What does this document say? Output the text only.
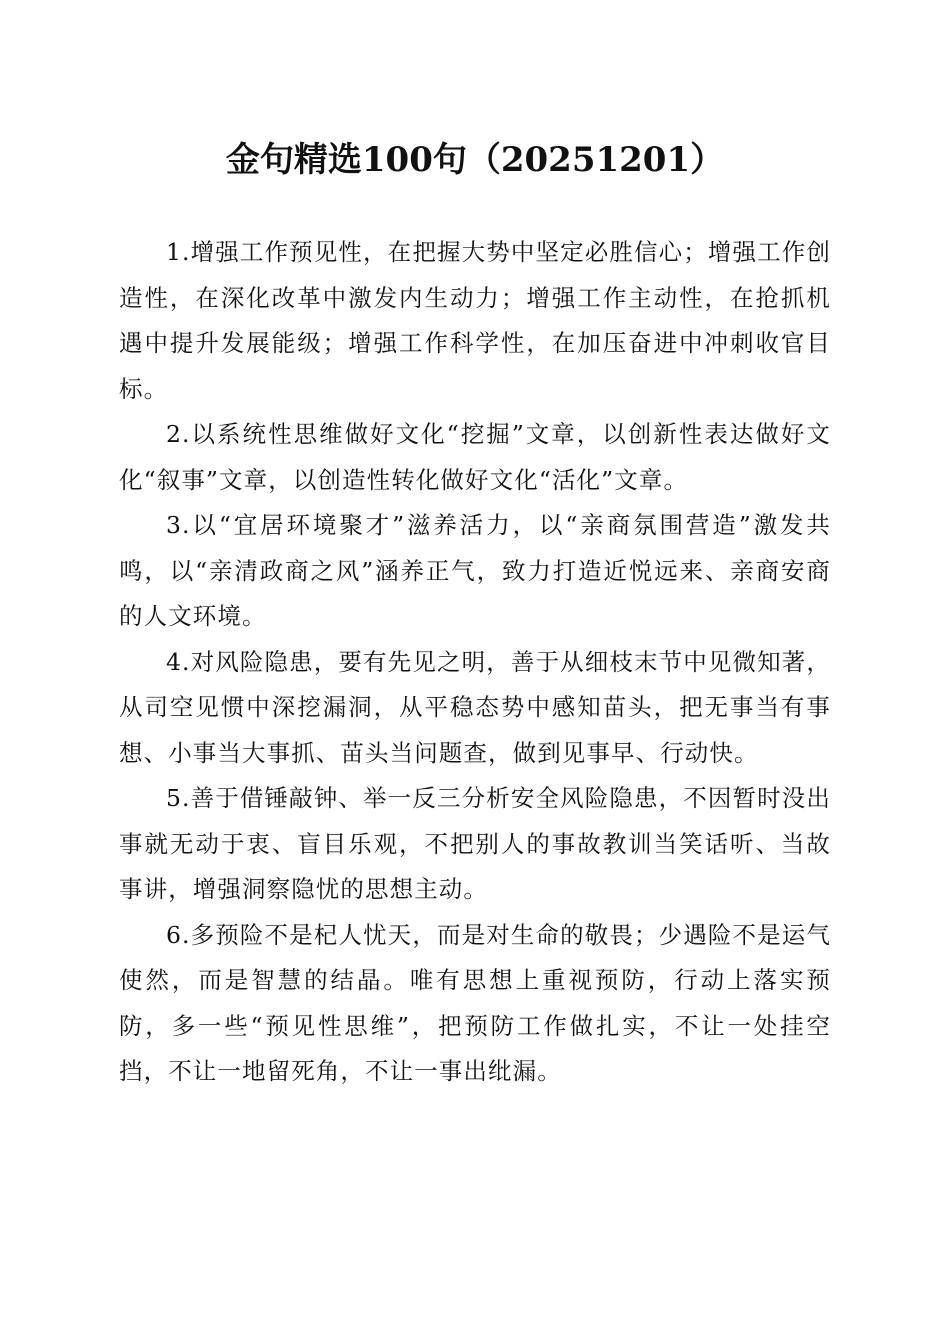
金句精选100句（20251201）

1.增强工作预见性，在把握大势中坚定必胜信心；增强工作创造性，在深化改革中激发内生动力；增强工作主动性，在抢抓机遇中提升发展能级；增强工作科学性，在加压奋进中冲刺收官目标。

2.以系统性思维做好文化“挖掘”文章，以创新性表达做好文化“叙事”文章，以创造性转化做好文化“活化”文章。

3.以“宜居环境聚才”滋养活力，以“亲商氛围营造”激发共鸣，以“亲清政商之风”涵养正气，致力打造近悦远来、亲商安商的人文环境。

4.对风险隐患，要有先见之明，善于从细枝末节中见微知著，从司空见惯中深挖漏洞，从平稳态势中感知苗头，把无事当有事想、小事当大事抓、苗头当问题查，做到见事早、行动快。

5.善于借锤敲钟、举一反三分析安全风险隐患，不因暂时没出事就无动于衷、盲目乐观，不把别人的事故教训当笑话听、当故事讲，增强洞察隐忧的思想主动。

6.多预险不是杞人忧天，而是对生命的敬畏；少遇险不是运气使然，而是智慧的结晶。唯有思想上重视预防，行动上落实预防，多一些“预见性思维”，把预防工作做扎实，不让一处挂空挡，不让一地留死角，不让一事出纰漏。
